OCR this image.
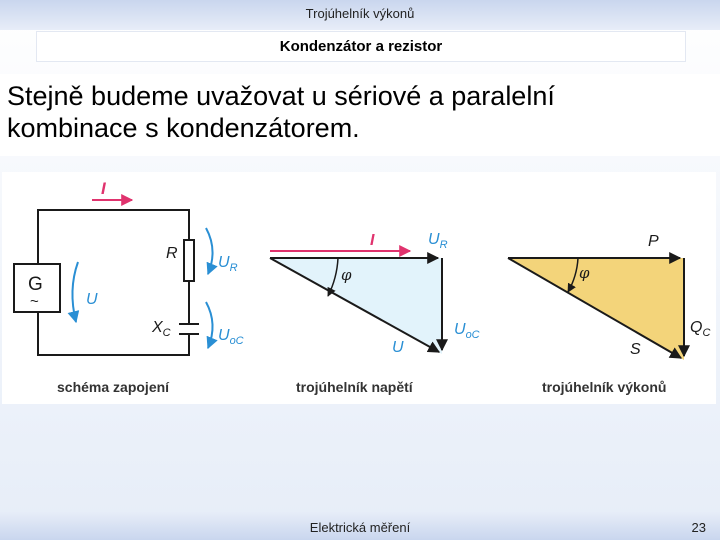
Trojúhelník výkonů
Kondenzátor a rezistor
Stejně budeme uvažovat u sériové a paralelní
kombinace s kondenzátorem.
I
G
~	U
R
$U_R$
$X_C$	$U_{oC}$
schéma zapojení
I	$U_R$
$U_{oC}$
U
φ
trojúhelník napětí
P
$Q_C$
S
φ
trojúhelník výkonů
Elektrická měření	23
